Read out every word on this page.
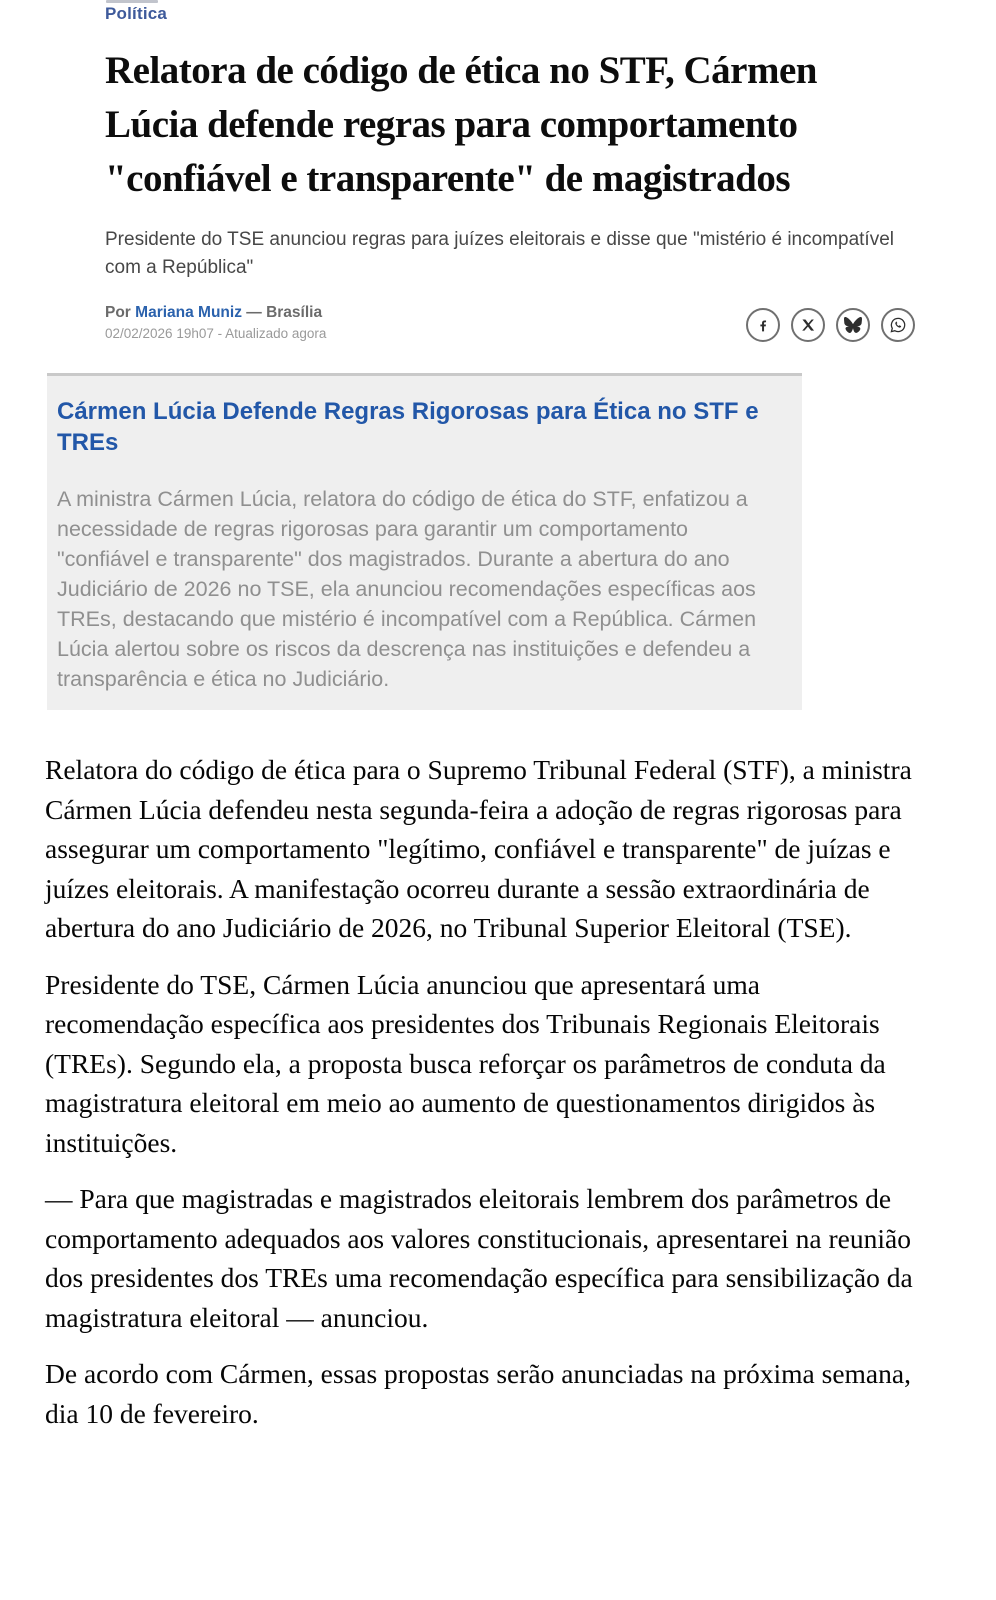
Política
Relatora de código de ética no STF, Cármen Lúcia defende regras para comportamento "confiável e transparente" de magistrados
Presidente do TSE anunciou regras para juízes eleitorais e disse que "mistério é incompatível com a República"
Por Mariana Muniz — Brasília
02/02/2026 19h07 - Atualizado agora
Cármen Lúcia Defende Regras Rigorosas para Ética no STF e TREs

A ministra Cármen Lúcia, relatora do código de ética do STF, enfatizou a necessidade de regras rigorosas para garantir um comportamento "confiável e transparente" dos magistrados. Durante a abertura do ano Judiciário de 2026 no TSE, ela anunciou recomendações específicas aos TREs, destacando que mistério é incompatível com a República. Cármen Lúcia alertou sobre os riscos da descrença nas instituições e defendeu a transparência e ética no Judiciário.

Relatora do código de ética para o Supremo Tribunal Federal (STF), a ministra Cármen Lúcia defendeu nesta segunda-feira a adoção de regras rigorosas para assegurar um comportamento "legítimo, confiável e transparente" de juízas e juízes eleitorais. A manifestação ocorreu durante a sessão extraordinária de abertura do ano Judiciário de 2026, no Tribunal Superior Eleitoral (TSE).

Presidente do TSE, Cármen Lúcia anunciou que apresentará uma recomendação específica aos presidentes dos Tribunais Regionais Eleitorais (TREs). Segundo ela, a proposta busca reforçar os parâmetros de conduta da magistratura eleitoral em meio ao aumento de questionamentos dirigidos às instituições.

— Para que magistradas e magistrados eleitorais lembrem dos parâmetros de comportamento adequados aos valores constitucionais, apresentarei na reunião dos presidentes dos TREs uma recomendação específica para sensibilização da magistratura eleitoral — anunciou.

De acordo com Cármen, essas propostas serão anunciadas na próxima semana, dia 10 de fevereiro.
